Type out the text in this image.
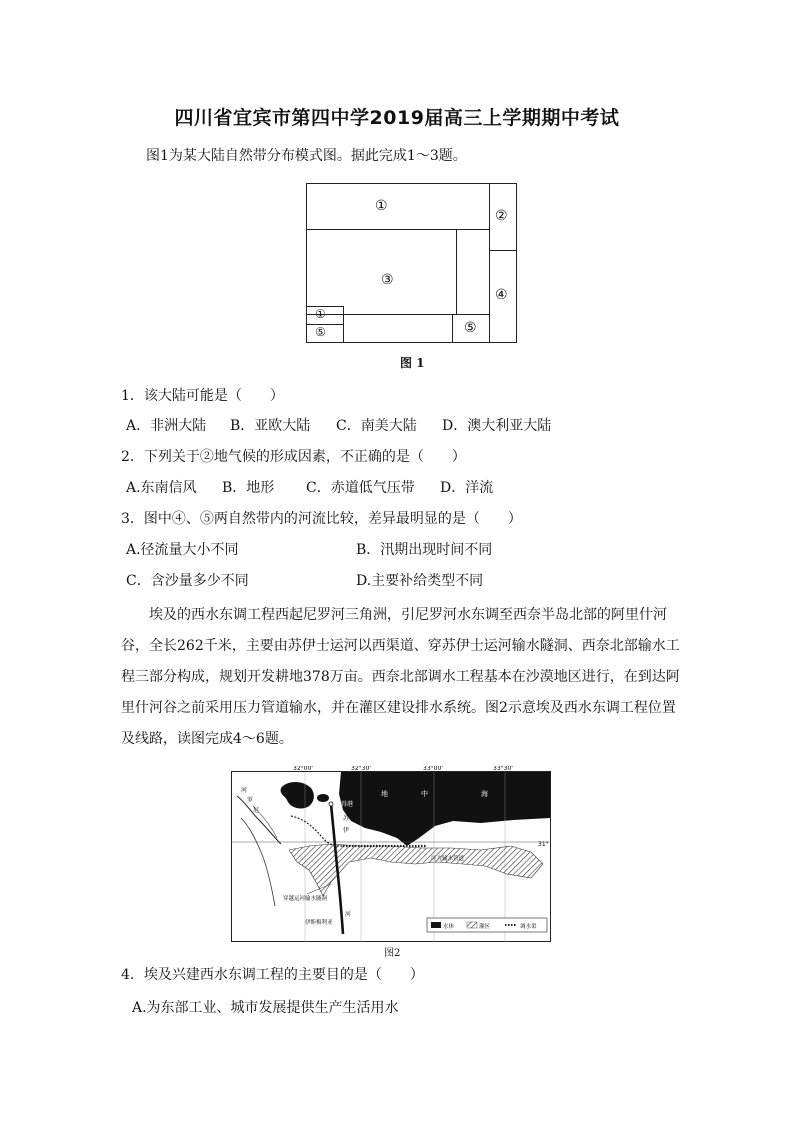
四川省宜宾市第四中学2019届高三上学期期中考试
图1为某大陆自然带分布模式图。据此完成1～3题。
①
②
③
④
⑤
①
⑤
图 1
1．该大陆可能是（　　）
A．非洲大陆 B．亚欧大陆 C．南美大陆 D．澳大利亚大陆
2．下列关于②地气候的形成因素，不正确的是（　　）
A.东南信风 B．地形 C．赤道低气压带 D．洋流
3．图中④、⑤两自然带内的河流比较，差异最明显的是（　　）
A.径流量大小不同	B．汛期出现时间不同
C．含沙量多少不同	D.主要补给类型不同

　　埃及的西水东调工程西起尼罗河三角洲，引尼罗河水东调至西奈半岛北部的阿里什河

谷，全长262千米，主要由苏伊士运河以西渠道、穿苏伊士运河输水隧洞、西奈北部输水工

程三部分构成，规划开发耕地378万亩。西奈北部调水工程基本在沙漠地区进行，在到达阿

里什河谷之前采用压力管道输水，并在灌区建设排水系统。图2示意埃及西水东调工程位置

及线路，读图完成4～6题。

32°00'	32°30'	33°00'	33°30'
31°
地	中	海
塞得港
苏
伊
河
河
罗
尼
压力输水管道
穿越运河输水隧洞
伊斯梅利亚
水体	灌区	调水渠
图2
4．埃及兴建西水东调工程的主要目的是（　　）
A.为东部工业、城市发展提供生产生活用水
